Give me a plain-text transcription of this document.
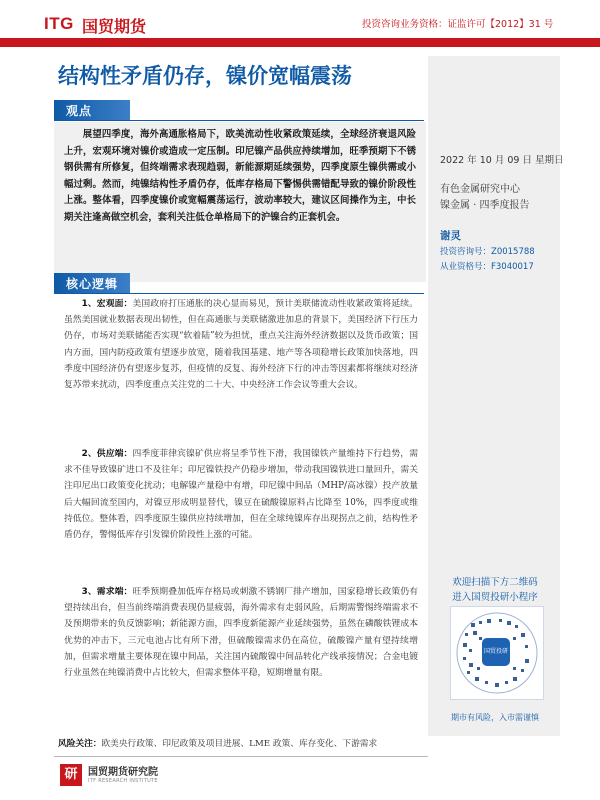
ITG 国贸期货	投资咨询业务资格：证监许可【2012】31 号
结构性矛盾仍存，镍价宽幅震荡
2022 年 10 月 09 日 星期日
有色金属研究中心
镍金属 · 四季度报告
谢灵
投资咨询号：Z0015788
从业资格号：F3040017
欢迎扫描下方二维码
进入国贸投研小程序
国贸投研
期市有风险，入市需谨慎
观点

展望四季度，海外高通胀格局下，欧美流动性收紧政策延续，全球经济衰退风险上升，宏观环境对镍价或造成一定压制。印尼镍产品供应持续增加，旺季预期下不锈钢供需有所修复，但终端需求表现趋弱，新能源期延续强势，四季度原生镍供需或小幅过剩。然而，纯镍结构性矛盾仍存，低库存格局下警惕供需错配导致的镍价阶段性上涨。整体看，四季度镍价或宽幅震荡运行，波动率较大，建议区间操作为主，中长期关注逢高做空机会，套利关注低仓单格局下的沪镍合约正套机会。

核心逻辑

1、宏观面：美国政府打压通胀的决心显而易见，预计美联储流动性收紧政策将延续。虽然美国就业数据表现出韧性，但在高通胀与美联储激进加息的背景下，美国经济下行压力仍存，市场对美联储能否实现“软着陆”较为担忧，重点关注海外经济数据以及货币政策；国内方面，国内防疫政策有望逐步放宽，随着我国基建、地产等各项稳增长政策加快落地，四季度中国经济仍有望逐步复苏，但疫情的反复、海外经济下行的冲击等因素都将继续对经济复苏带来扰动，四季度重点关注党的二十大、中央经济工作会议等重大会议。

2、供应端：四季度菲律宾镍矿供应将呈季节性下滑，我国镍铁产量维持下行趋势，需求不佳导致镍矿进口不及往年；印尼镍铁投产仍稳步增加，带动我国镍铁进口量回升，需关注印尼出口政策变化扰动；电解镍产量稳中有增，印尼镍中间品（MHP/高冰镍）投产放量后大幅回流至国内，对镍豆形成明显替代，镍豆在硫酸镍原料占比降至 10%，四季度或维持低位。整体看，四季度原生镍供应持续增加，但在全球纯镍库存出现拐点之前，结构性矛盾仍存，警惕低库存引发镍价阶段性上涨的可能。

3、需求端：旺季预期叠加低库存格局或刺激不锈钢厂排产增加，国家稳增长政策仍有望持续出台，但当前终端消费表现仍显疲弱，海外需求有走弱风险，后期需警惕终端需求不及预期带来的负反馈影响；新能源方面，四季度新能源产业延续强势，虽然在磷酸铁锂成本优势的冲击下，三元电池占比有所下滑，但硫酸镍需求仍在高位，硫酸镍产量有望持续增加，但需求增量主要体现在镍中间品，关注国内硫酸镍中间品转化产线承接情况；合金电镀行业虽然在纯镍消费中占比较大，但需求整体平稳，短期增量有限。

风险关注：欧美央行政策、印尼政策及项目进展、LME 政策、库存变化、下游需求
研	国贸期货研究院
ITF RESEARCH INSTITUTE
